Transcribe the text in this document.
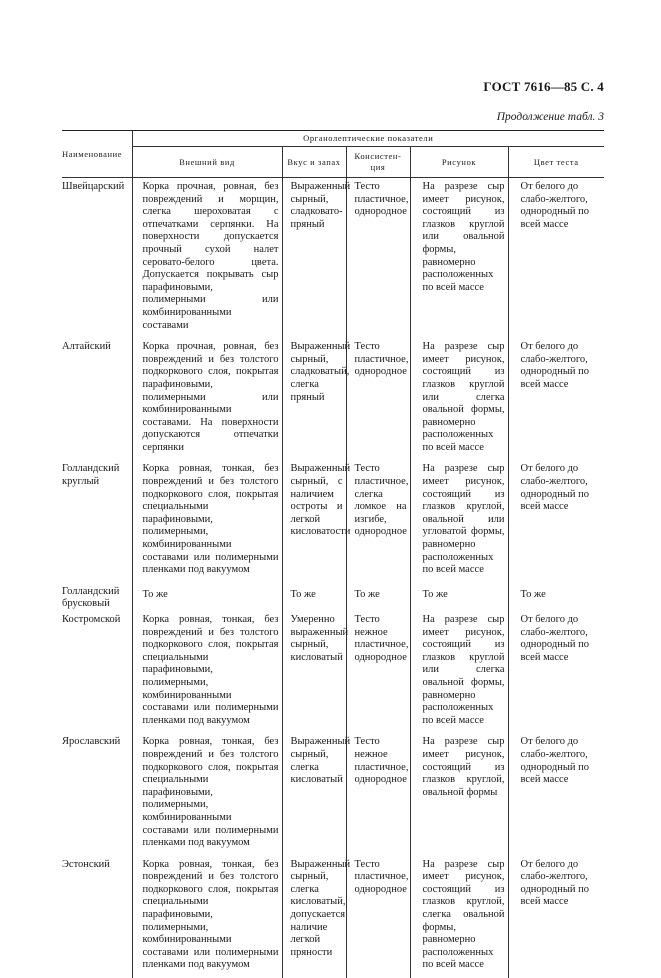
ГОСТ 7616—85 С. 4
Продолжение табл. 3
Наименование	Органолептические показатели				
	Внешний вид	Вкус и запах	Консистен-ция	Рисунок	Цвет теста
Швейцарский	Корка прочная, ровная, без повреждений и морщин, слегка шероховатая с отпечатками серпянки. На поверхности допускается прочный сухой налет серовато-белого цвета. Допускается покрывать сыр парафиновыми, полимерными или комбинированными составами	Выраженный сырный, сладковато-пряный	Тесто пластичное, однородное	На разрезе сыр имеет рисунок, состоящий из глазков круглой или овальной формы, равномерно расположенных по всей массе	От белого до слабо-желтого, однородный по всей массе

Алтайский	Корка прочная, ровная, без повреждений и без толстого подкоркового слоя, покрытая парафиновыми, полимерными или комбинированными составами. На поверхности допускаются отпечатки серпянки	Выраженный сырный, сладковатый, слегка пряный	Тесто пластичное, однородное	На разрезе сыр имеет рисунок, состоящий из глазков круглой или слегка овальной формы, равномерно расположенных по всей массе	От белого до слабо-желтого, однородный по всей массе

Голландский круглый	Корка ровная, тонкая, без повреждений и без толстого подкоркового слоя, покрытая специальными парафиновыми, полимерными, комбинированными составами или полимерными пленками под вакуумом	Выраженный сырный, с наличием остроты и легкой кисловатости	Тесто пластичное, слегка ломкое на изгибе, однородное	На разрезе сыр имеет рисунок, состоящий из глазков круглой, овальной или угловатой формы, равномерно расположенных по всей массе	От белого до слабо-желтого, однородный по всей массе

Голландский брусковый	То же	То же	То же	То же	То же

Костромской	Корка ровная, тонкая, без повреждений и без толстого подкоркового слоя, покрытая специальными парафиновыми, полимерными, комбинированными составами или полимерными пленками под вакуумом	Умеренно выраженный сырный, кисловатый	Тесто нежное пластичное, однородное	На разрезе сыр имеет рисунок, состоящий из глазков круглой или слегка овальной формы, равномерно расположенных по всей массе	От белого до слабо-желтого, однородный по всей массе

Ярославский	Корка ровная, тонкая, без повреждений и без толстого подкоркового слоя, покрытая специальными парафиновыми, полимерными, комбинированными составами или полимерными пленками под вакуумом	Выраженный сырный, слегка кисловатый	Тесто нежное пластичное, однородное	На разрезе сыр имеет рисунок, состоящий из глазков круглой, овальной формы	От белого до слабо-желтого, однородный по всей массе

Эстонский	Корка ровная, тонкая, без повреждений и без толстого подкоркового слоя, покрытая специальными парафиновыми, полимерными, комбинированными составами или полимерными пленками под вакуумом	Выраженный сырный, слегка кисловатый, допускается наличие легкой пряности	Тесто пластичное, однородное	На разрезе сыр имеет рисунок, состоящий из глазков круглой, слегка овальной формы, равномерно расположенных по всей массе	От белого до слабо-желтого, однородный по всей массе
